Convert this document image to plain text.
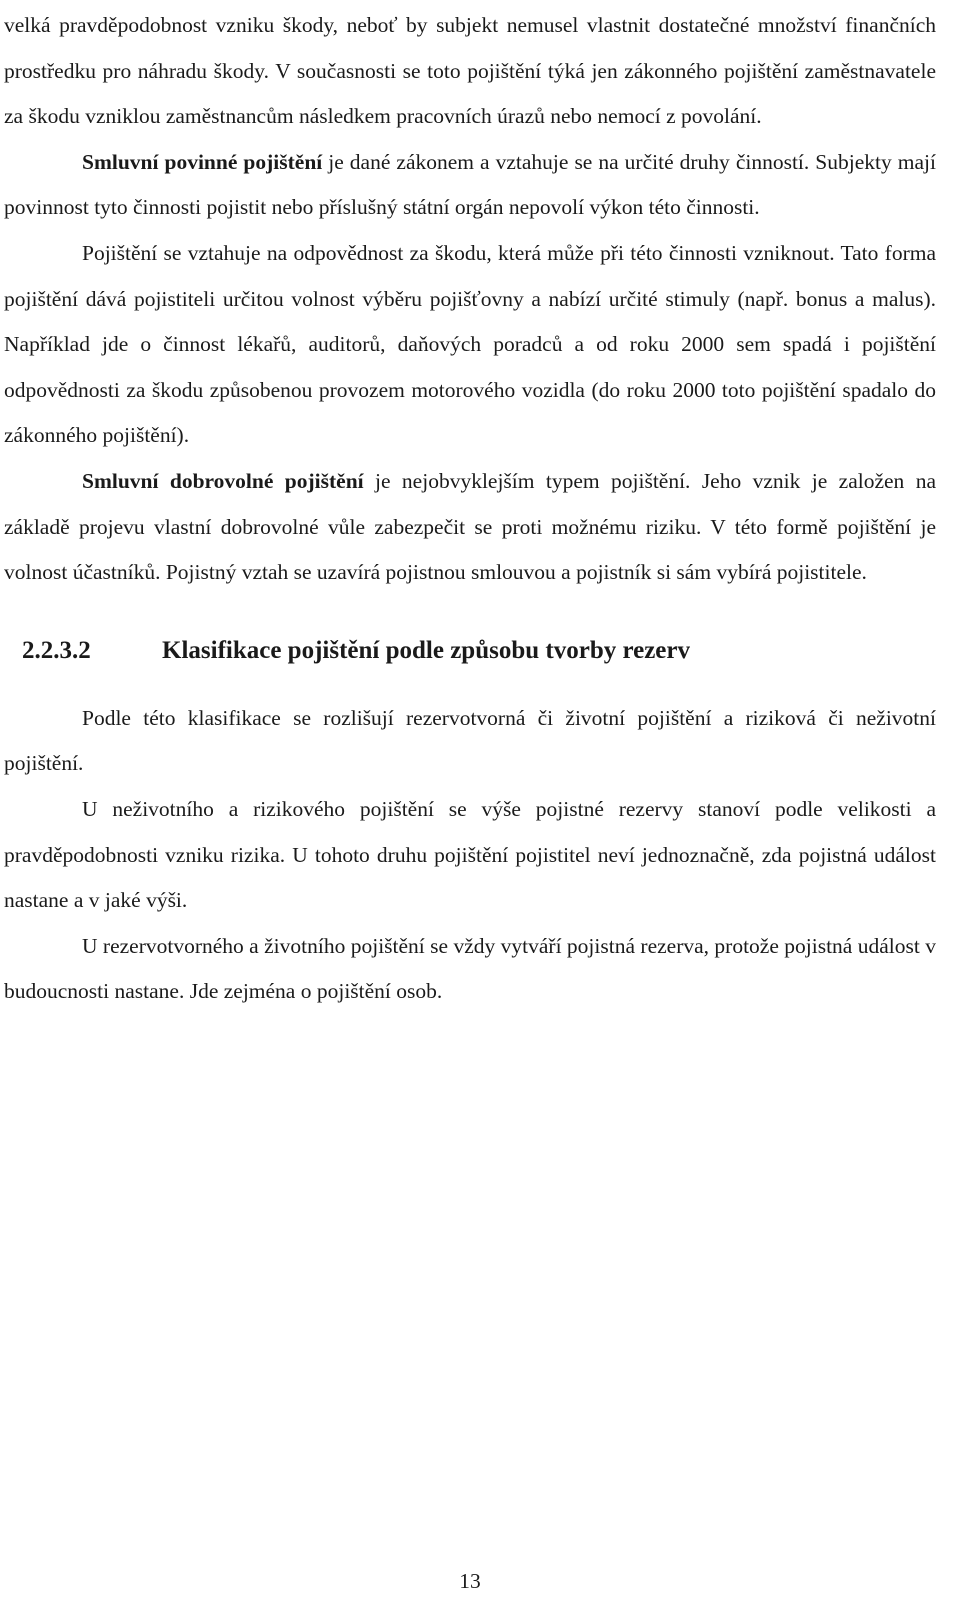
velká pravděpodobnost vzniku škody, neboť by subjekt nemusel vlastnit dostatečné množství finančních prostředku pro náhradu škody. V současnosti se toto pojištění týká jen zákonného pojištění zaměstnavatele za škodu vzniklou zaměstnancům následkem pracovních úrazů nebo nemocí z povolání.

Smluvní povinné pojištění je dané zákonem a vztahuje se na určité druhy činností. Subjekty mají povinnost tyto činnosti pojistit nebo příslušný státní orgán nepovolí výkon této činnosti.

Pojištění se vztahuje na odpovědnost za škodu, která může při této činnosti vzniknout. Tato forma pojištění dává pojistiteli určitou volnost výběru pojišťovny a nabízí určité stimuly (např. bonus a malus). Například jde o činnost lékařů, auditorů, daňových poradců a od roku 2000 sem spadá i pojištění odpovědnosti za škodu způsobenou provozem motorového vozidla (do roku 2000 toto pojištění spadalo do zákonného pojištění).

Smluvní dobrovolné pojištění je nejobvyklejším typem pojištění. Jeho vznik je založen na základě projevu vlastní dobrovolné vůle zabezpečit se proti možnému riziku. V této formě pojištění je volnost účastníků. Pojistný vztah se uzavírá pojistnou smlouvou a pojistník si sám vybírá pojistitele.

2.2.3.2	Klasifikace pojištění podle způsobu tvorby rezerv

Podle této klasifikace se rozlišují rezervotvorná či životní pojištění a riziková či neživotní pojištění.

U neživotního a rizikového pojištění se výše pojistné rezervy stanoví podle velikosti a pravděpodobnosti vzniku rizika. U tohoto druhu pojištění pojistitel neví jednoznačně, zda pojistná událost nastane a v jaké výši.

U rezervotvorného a životního pojištění se vždy vytváří pojistná rezerva, protože pojistná událost v budoucnosti nastane. Jde zejména o pojištění osob.

13
